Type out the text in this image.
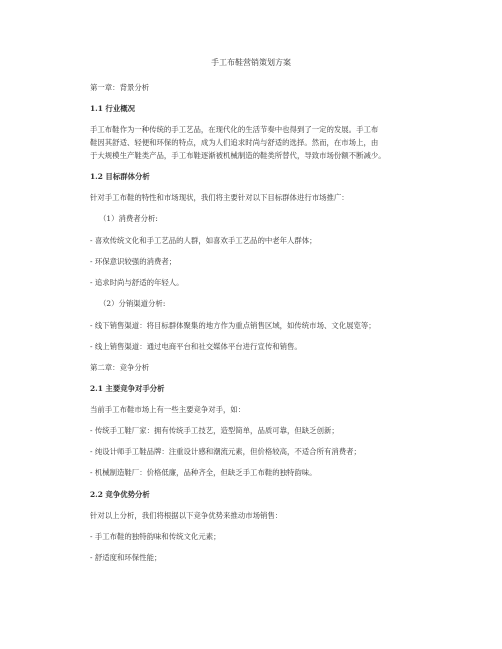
手工布鞋营销策划方案
第一章：背景分析
1.1 行业概况
手工布鞋作为一种传统的手工艺品，在现代化的生活节奏中也得到了一定的发展。手工布
鞋因其舒适、轻便和环保的特点，成为人们追求时尚与舒适的选择。然而，在市场上，由
于大规模生产鞋类产品，手工布鞋逐渐被机械制造的鞋类所替代，导致市场份额不断减少。
1.2 目标群体分析
针对手工布鞋的特性和市场现状，我们将主要针对以下目标群体进行市场推广：
（1）消费者分析:
- 喜欢传统文化和手工艺品的人群，如喜欢手工艺品的中老年人群体；
- 环保意识较强的消费者；
- 追求时尚与舒适的年轻人。
（2）分销渠道分析:
- 线下销售渠道：将目标群体聚集的地方作为重点销售区域，如传统市场、文化展览等；
- 线上销售渠道：通过电商平台和社交媒体平台进行宣传和销售。
第二章：竞争分析
2.1 主要竞争对手分析
当前手工布鞋市场上有一些主要竞争对手，如：
- 传统手工鞋厂家：拥有传统手工技艺，造型简单，品质可靠，但缺乏创新；
- 纯设计师手工鞋品牌：注重设计感和潮流元素，但价格较高，不适合所有消费者；
- 机械制造鞋厂：价格低廉，品种齐全，但缺乏手工布鞋的独特韵味。
2.2 竞争优势分析
针对以上分析，我们将根据以下竞争优势来推动市场销售：
- 手工布鞋的独特韵味和传统文化元素；
- 舒适度和环保性能；
